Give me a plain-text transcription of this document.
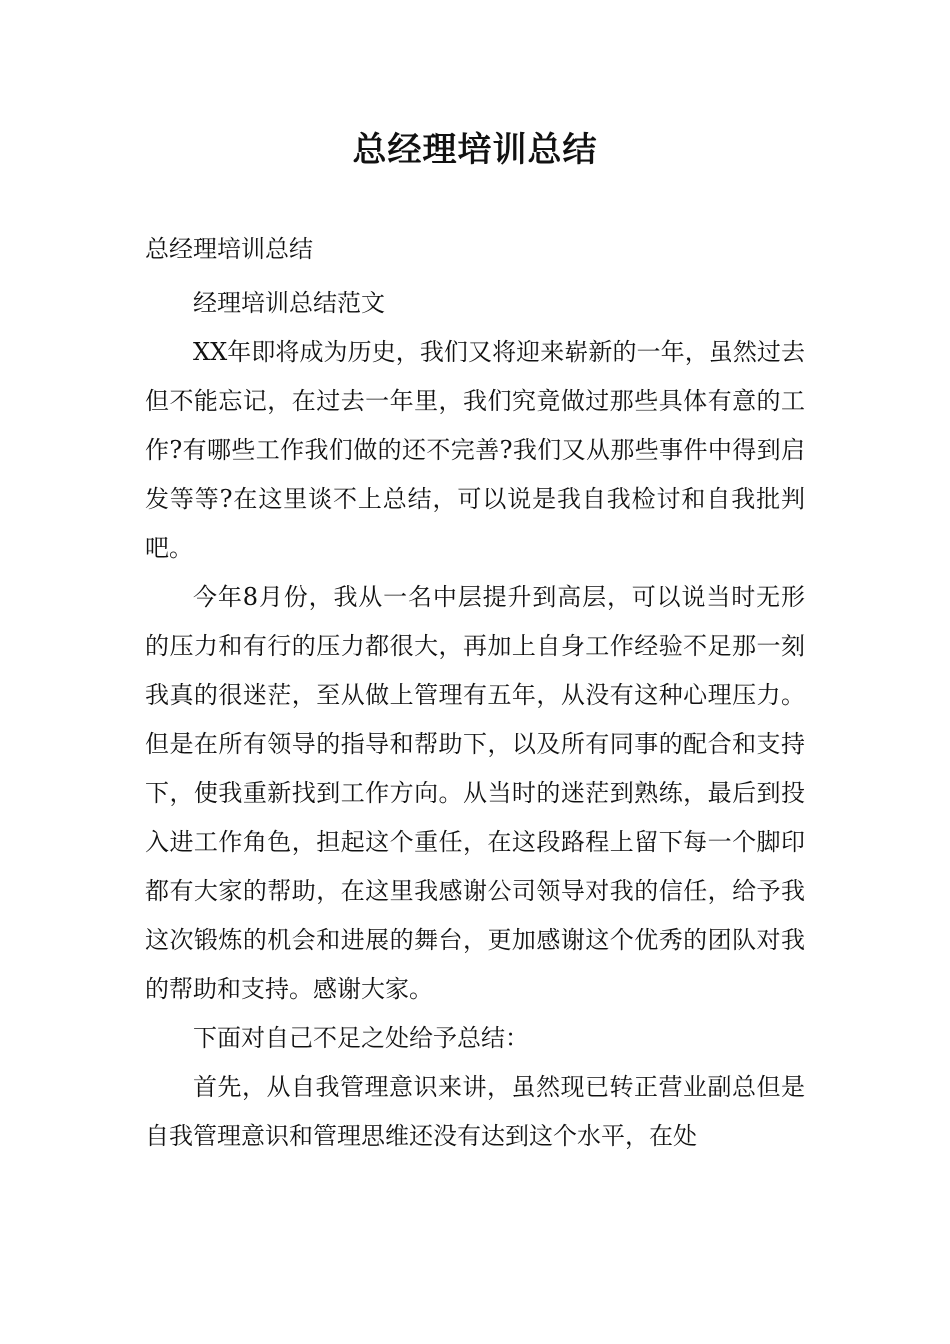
总经理培训总结
总经理培训总结

经理培训总结范文

XX年即将成为历史，我们又将迎来崭新的一年，虽然过去但不能忘记，在过去一年里，我们究竟做过那些具体有意的工作?有哪些工作我们做的还不完善?我们又从那些事件中得到启发等等?在这里谈不上总结，可以说是我自我检讨和自我批判吧。

今年8月份，我从一名中层提升到高层，可以说当时无形的压力和有行的压力都很大，再加上自身工作经验不足那一刻我真的很迷茫，至从做上管理有五年，从没有这种心理压力。但是在所有领导的指导和帮助下，以及所有同事的配合和支持下，使我重新找到工作方向。从当时的迷茫到熟练，最后到投入进工作角色，担起这个重任，在这段路程上留下每一个脚印都有大家的帮助，在这里我感谢公司领导对我的信任，给予我这次锻炼的机会和进展的舞台，更加感谢这个优秀的团队对我的帮助和支持。感谢大家。

下面对自己不足之处给予总结：

首先，从自我管理意识来讲，虽然现已转正营业副总但是自我管理意识和管理思维还没有达到这个水平，在处
